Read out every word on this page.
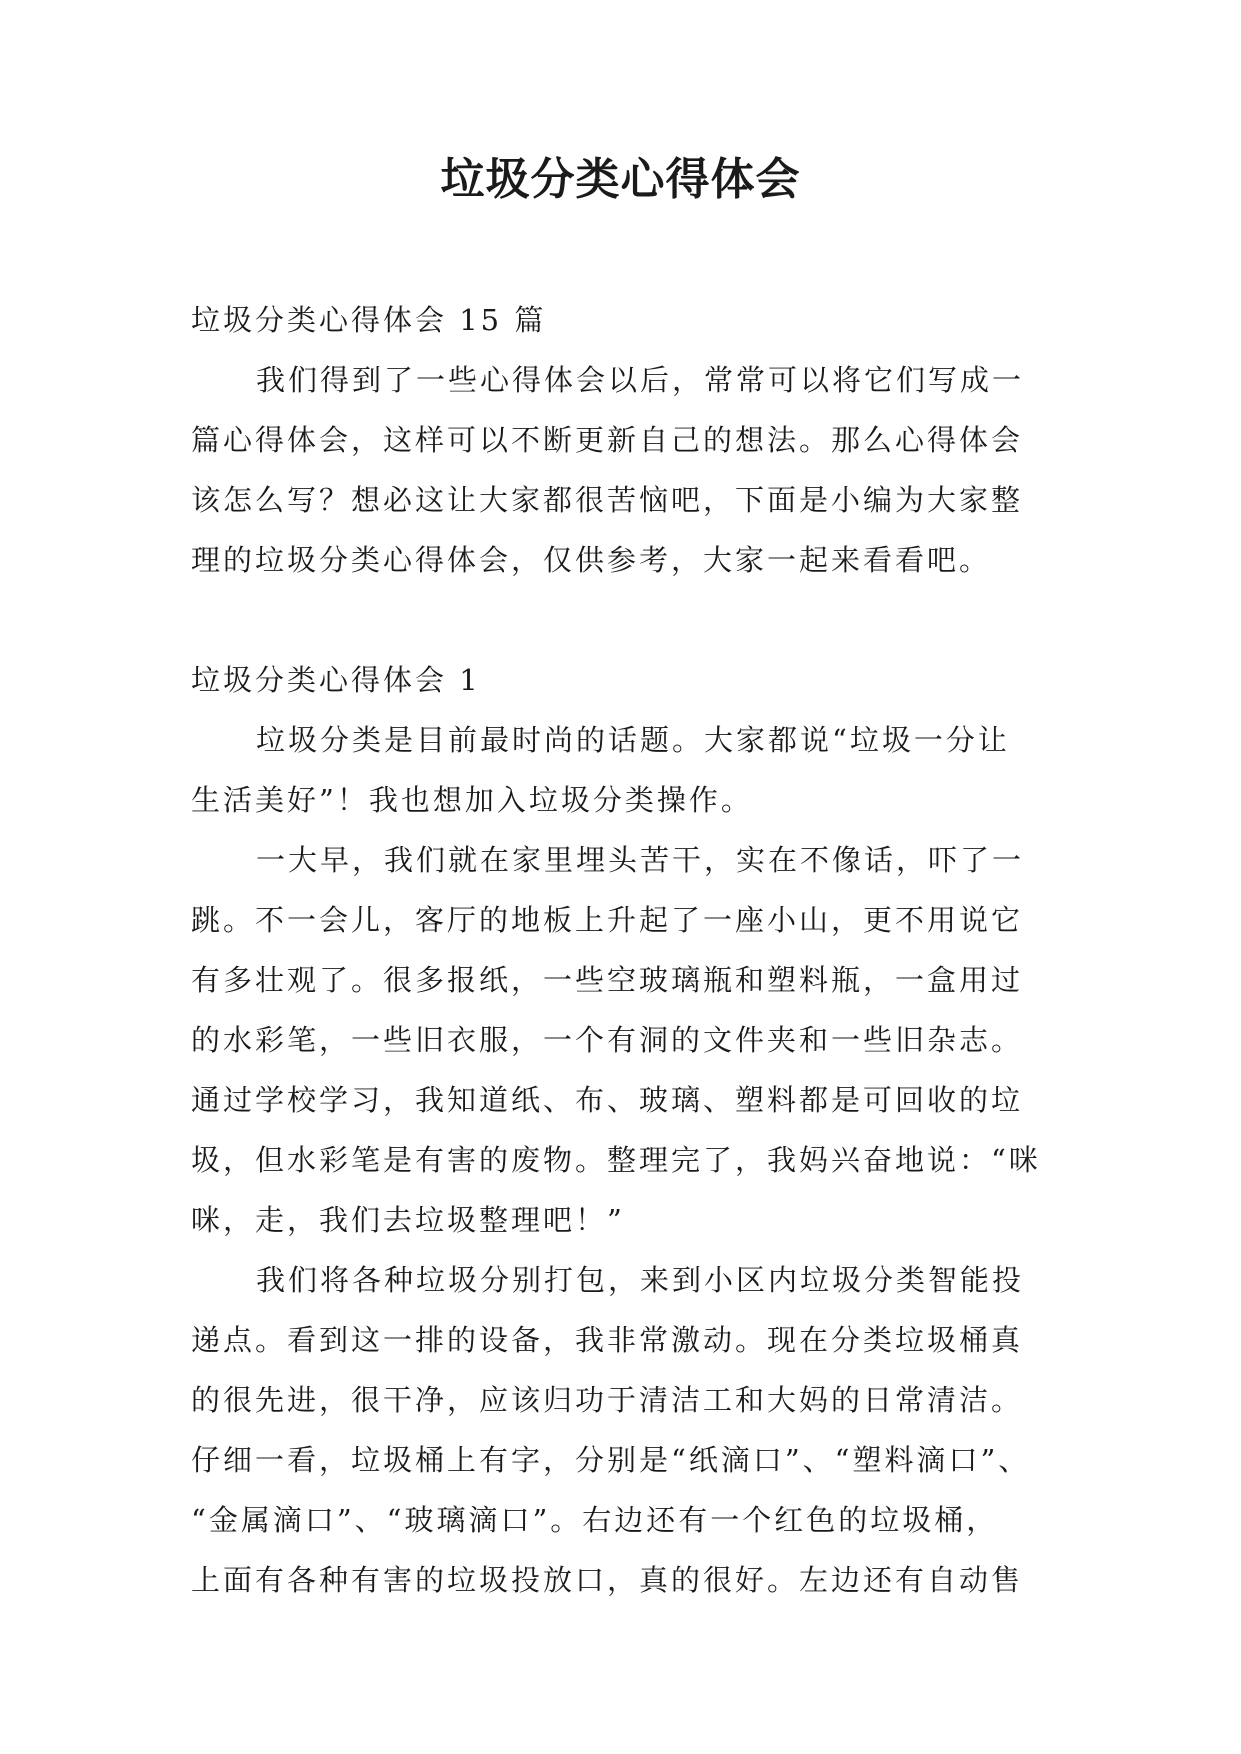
垃圾分类心得体会
垃圾分类心得体会 15 篇
我们得到了一些心得体会以后，常常可以将它们写成一
篇心得体会，这样可以不断更新自己的想法。那么心得体会
该怎么写？想必这让大家都很苦恼吧，下面是小编为大家整
理的垃圾分类心得体会，仅供参考，大家一起来看看吧。
垃圾分类心得体会 1
垃圾分类是目前最时尚的话题。大家都说“垃圾一分让
生活美好”！我也想加入垃圾分类操作。
一大早，我们就在家里埋头苦干，实在不像话，吓了一
跳。不一会儿，客厅的地板上升起了一座小山，更不用说它
有多壮观了。很多报纸，一些空玻璃瓶和塑料瓶，一盒用过
的水彩笔，一些旧衣服，一个有洞的文件夹和一些旧杂志。
通过学校学习，我知道纸、布、玻璃、塑料都是可回收的垃
圾，但水彩笔是有害的废物。整理完了，我妈兴奋地说：“咪
咪，走，我们去垃圾整理吧！”
我们将各种垃圾分别打包，来到小区内垃圾分类智能投
递点。看到这一排的设备，我非常激动。现在分类垃圾桶真
的很先进，很干净，应该归功于清洁工和大妈的日常清洁。
仔细一看，垃圾桶上有字，分别是“纸滴口”、“塑料滴口”、
“金属滴口”、“玻璃滴口”。右边还有一个红色的垃圾桶，
上面有各种有害的垃圾投放口，真的很好。左边还有自动售
